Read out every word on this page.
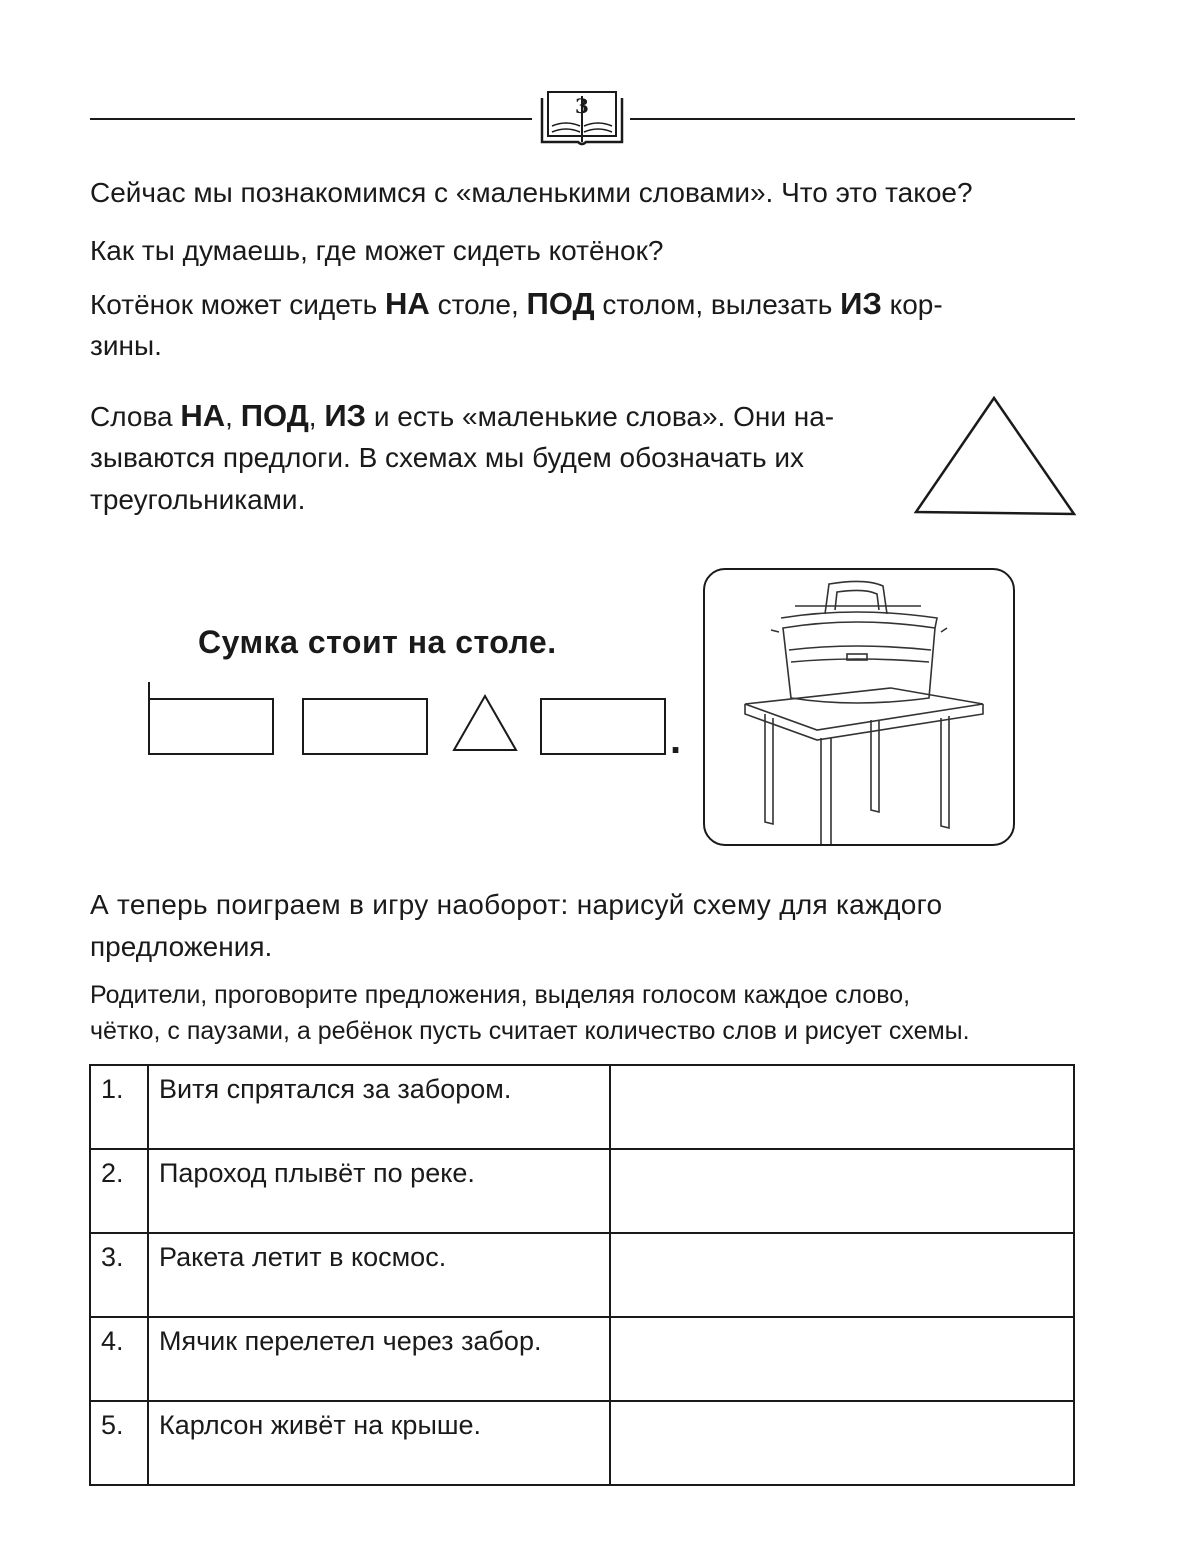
3
Сейчас мы познакомимся с «маленькими словами». Что это такое?
Как ты думаешь, где может сидеть котёнок?
Котёнок может сидеть НА столе, ПОД столом, вылезать ИЗ кор-
зины.
Слова НА, ПОД, ИЗ и есть «маленькие слова». Они на-
зываются предлоги. В схемах мы будем обозначать их
треугольниками.
Сумка стоит на столе.
.
А теперь поиграем в игру наоборот: нарисуй схему для каждого
предложения.
Родители, проговорите предложения, выделяя голосом каждое слово,
чётко, с паузами, а ребёнок пусть считает количество слов и рисует схемы.
1.	Витя спрятался за забором.	
2.	Пароход плывёт по реке.	
3.	Ракета летит в космос.	
4.	Мячик перелетел через забор.	
5.	Карлсон живёт на крыше.	
